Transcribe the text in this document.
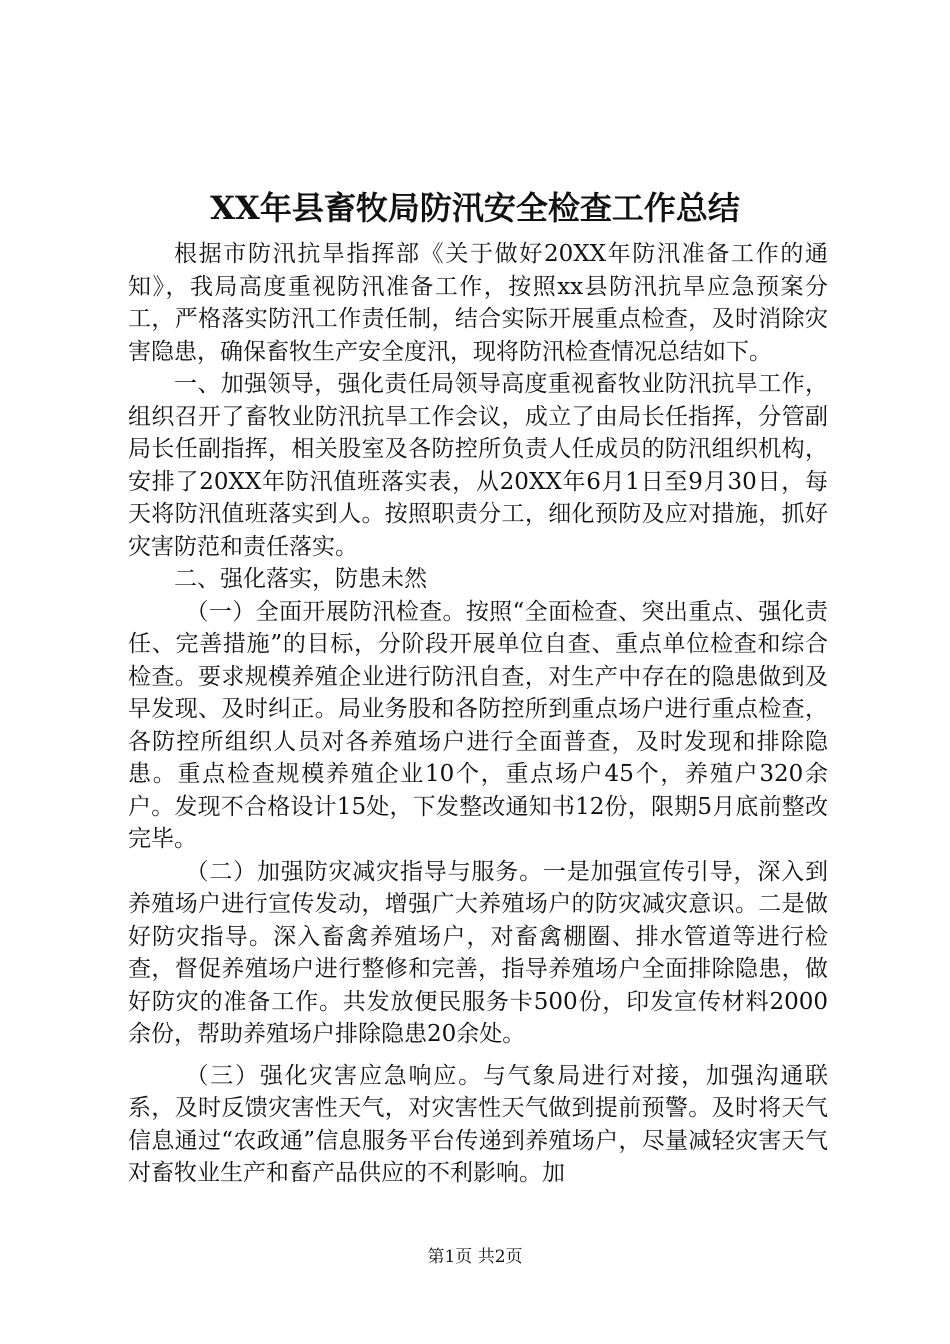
XX年县畜牧局防汛安全检查工作总结

根据市防汛抗旱指挥部《关于做好20XX年防汛准备工作的通知》，我局高度重视防汛准备工作，按照xx县防汛抗旱应急预案分工，严格落实防汛工作责任制，结合实际开展重点检查，及时消除灾害隐患，确保畜牧生产安全度汛，现将防汛检查情况总结如下。

一、加强领导，强化责任局领导高度重视畜牧业防汛抗旱工作，组织召开了畜牧业防汛抗旱工作会议，成立了由局长任指挥，分管副局长任副指挥，相关股室及各防控所负责人任成员的防汛组织机构，安排了20XX年防汛值班落实表，从20XX年6月1日至9月30日，每天将防汛值班落实到人。按照职责分工，细化预防及应对措施，抓好灾害防范和责任落实。

二、强化落实，防患未然

（一）全面开展防汛检查。按照“全面检查、突出重点、强化责任、完善措施”的目标，分阶段开展单位自查、重点单位检查和综合检查。要求规模养殖企业进行防汛自查，对生产中存在的隐患做到及早发现、及时纠正。局业务股和各防控所到重点场户进行重点检查，各防控所组织人员对各养殖场户进行全面普查，及时发现和排除隐患。重点检查规模养殖企业10个，重点场户45个，养殖户320余户。发现不合格设计15处，下发整改通知书12份，限期5月底前整改完毕。

（二）加强防灾减灾指导与服务。一是加强宣传引导，深入到养殖场户进行宣传发动，增强广大养殖场户的防灾减灾意识。二是做好防灾指导。深入畜禽养殖场户，对畜禽棚圈、排水管道等进行检查，督促养殖场户进行整修和完善，指导养殖场户全面排除隐患，做好防灾的准备工作。共发放便民服务卡500份，印发宣传材料2000余份，帮助养殖场户排除隐患20余处。

（三）强化灾害应急响应。与气象局进行对接，加强沟通联系，及时反馈灾害性天气，对灾害性天气做到提前预警。及时将天气信息通过“农政通”信息服务平台传递到养殖场户，尽量减轻灾害天气对畜牧业生产和畜产品供应的不利影响。加

第1页 共2页
